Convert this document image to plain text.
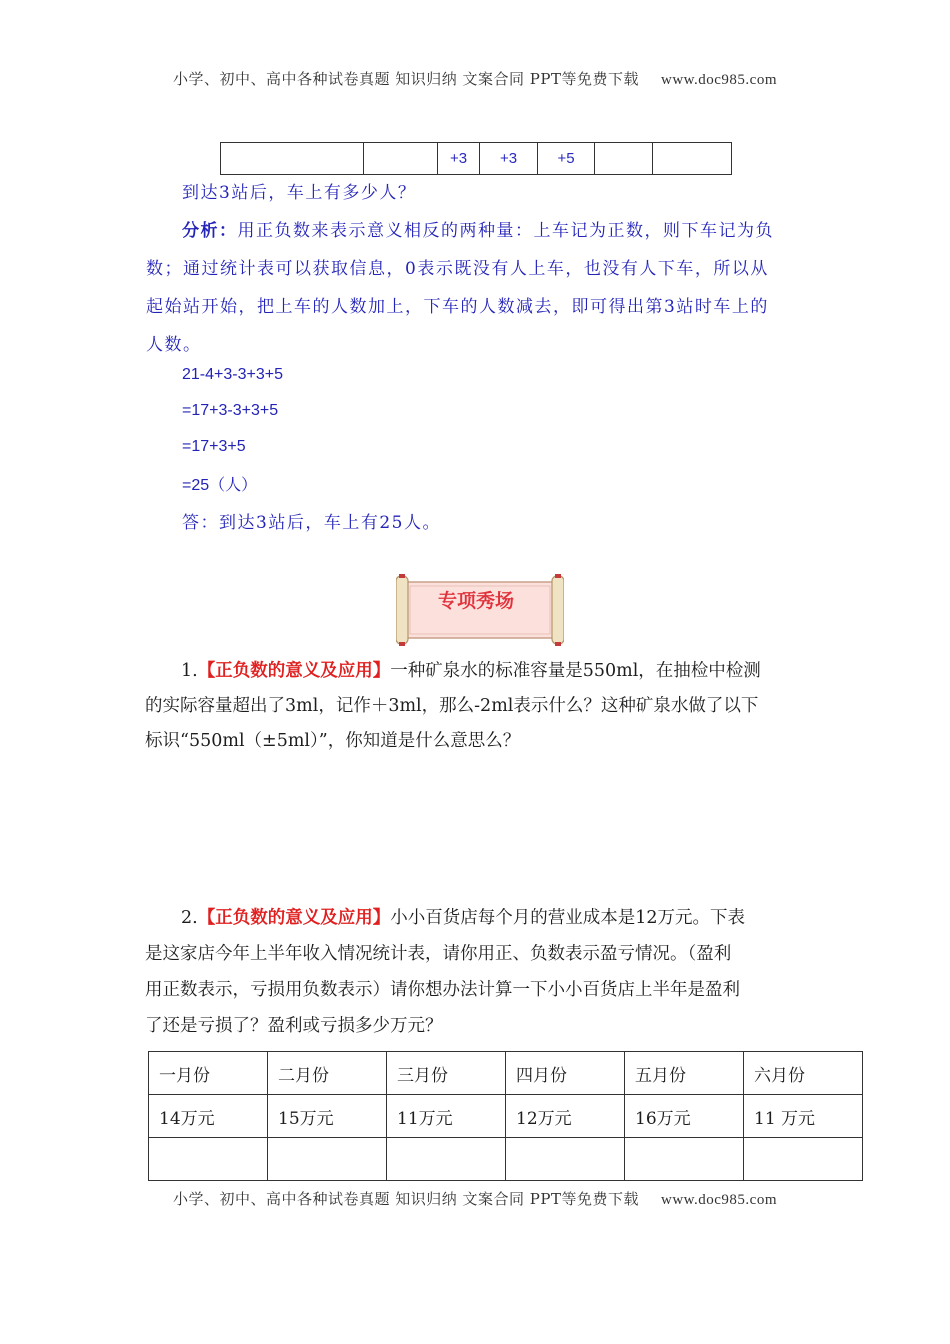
小学、初中、高中各种试卷真题 知识归纳 文案合同 PPT等免费下载 www.doc985.com
		+3	+3	+5		
到达3站后，车上有多少人？
分析：用正负数来表示意义相反的两种量：上车记为正数，则下车记为负
数；通过统计表可以获取信息，0表示既没有人上车，也没有人下车，所以从
起始站开始，把上车的人数加上，下车的人数减去，即可得出第3站时车上的
人数。
21-4+3-3+3+5
=17+3-3+3+5
=17+3+5
=25（人）
答：到达3站后，车上有25人。
专项秀场
1.【正负数的意义及应用】一种矿泉水的标准容量是550ml，在抽检中检测
的实际容量超出了3ml，记作＋3ml，那么-2ml表示什么？这种矿泉水做了以下
标识“550ml（±5ml）”，你知道是什么意思么？
2.【正负数的意义及应用】小小百货店每个月的营业成本是12万元。下表
是这家店今年上半年收入情况统计表，请你用正、负数表示盈亏情况。（盈利
用正数表示，亏损用负数表示）请你想办法计算一下小小百货店上半年是盈利
了还是亏损了？盈利或亏损多少万元？
一月份	二月份	三月份	四月份	五月份	六月份
14万元	15万元	11万元	12万元	16万元	11 万元

小学、初中、高中各种试卷真题 知识归纳 文案合同 PPT等免费下载 www.doc985.com
